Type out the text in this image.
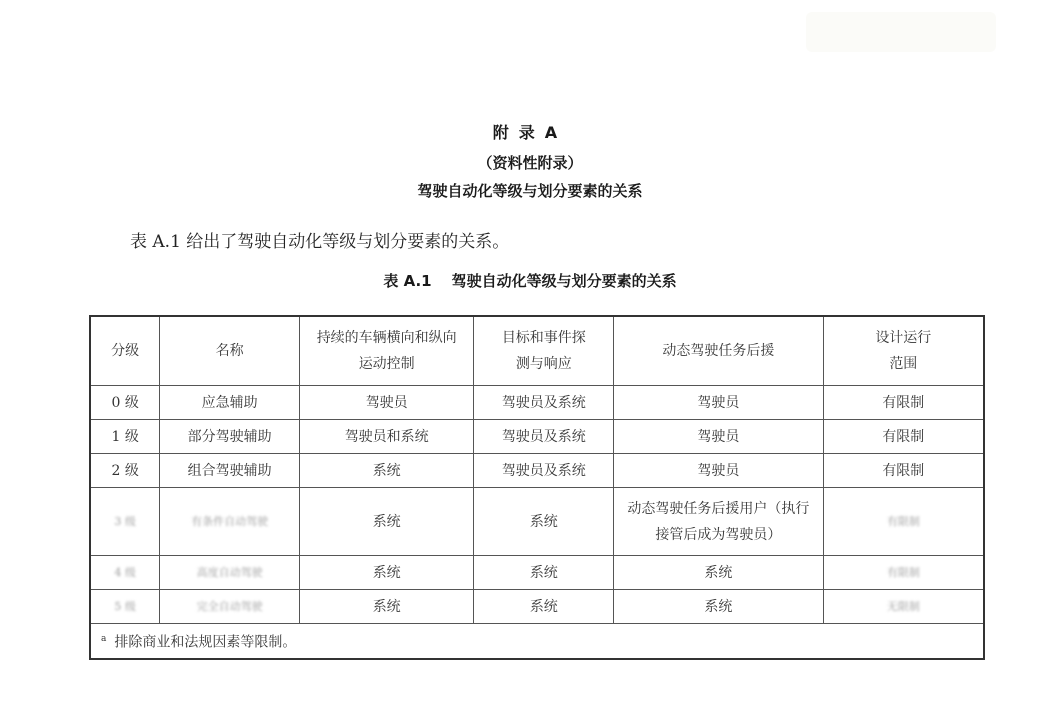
附录A
（资料性附录）
驾驶自动化等级与划分要素的关系
表 A.1 给出了驾驶自动化等级与划分要素的关系。
表 A.1 驾驶自动化等级与划分要素的关系
分级	名称	持续的车辆横向和纵向运动控制	目标和事件探测与响应	动态驾驶任务后援	设计运行范围
0 级	应急辅助	驾驶员	驾驶员及系统	驾驶员	有限制
1 级	部分驾驶辅助	驾驶员和系统	驾驶员及系统	驾驶员	有限制
2 级	组合驾驶辅助	系统	驾驶员及系统	驾驶员	有限制
3 级	有条件自动驾驶	系统	系统	动态驾驶任务后援用户（执行接管后成为驾驶员）	有限制
4 级	高度自动驾驶	系统	系统	系统	有限制
5 级	完全自动驾驶	系统	系统	系统	无限制
$^a$ 排除商业和法规因素等限制。					
